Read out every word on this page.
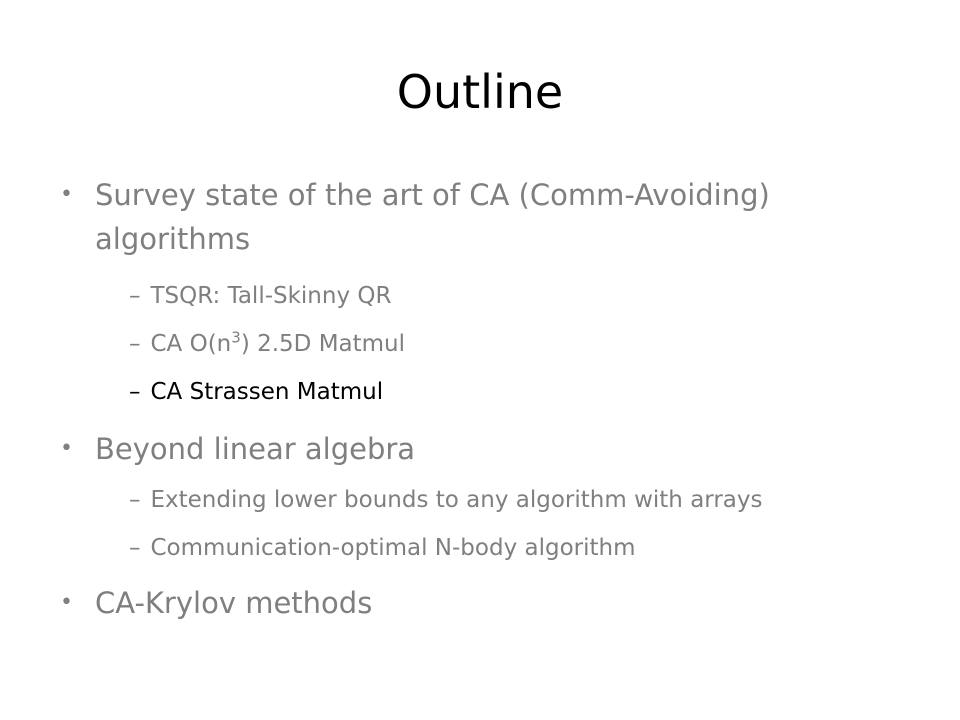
Outline
• Survey state of the art of CA (Comm-Avoiding)
algorithms
– TSQR: Tall-Skinny QR
– CA $O(n^3)$ 2.5D Matmul
– CA Strassen Matmul
• Beyond linear algebra
– Extending lower bounds to any algorithm with arrays
– Communication-optimal N-body algorithm
• CA-Krylov methods
